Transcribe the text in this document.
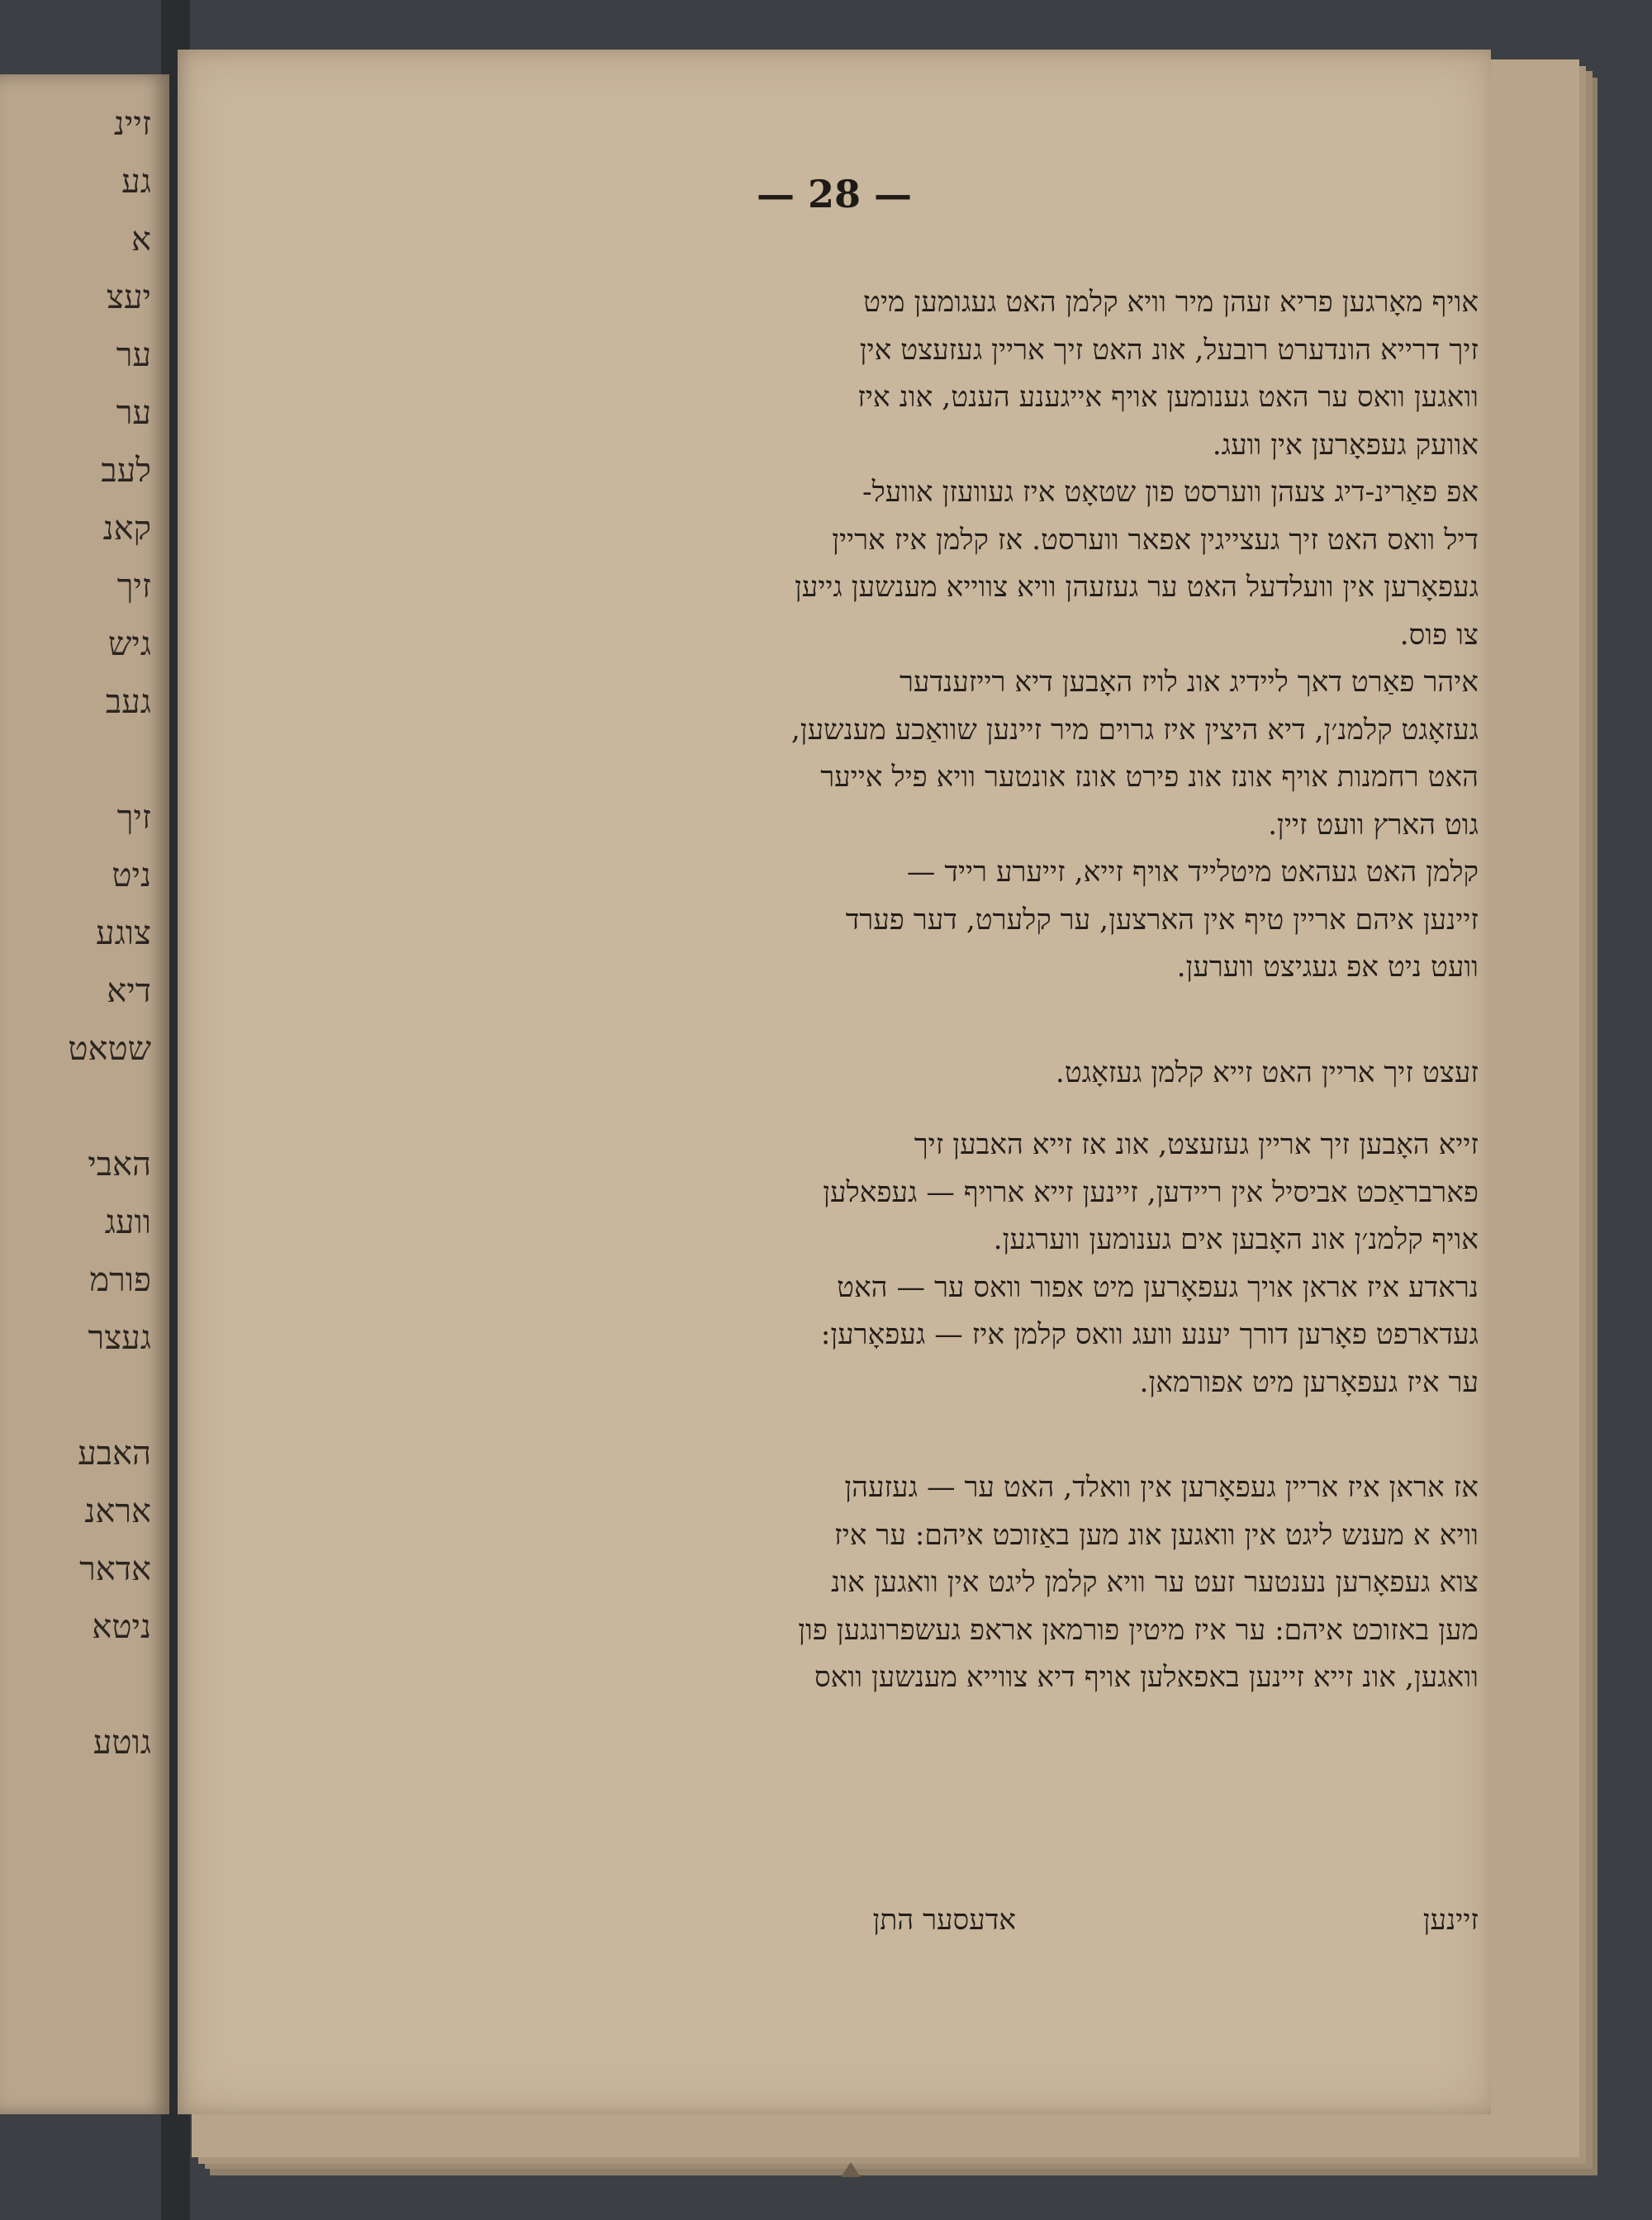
זיינ
גע
א
יעצ
ער
ער
לעב
קאנ
זיך
גיש
געב
זיך
ניט
צוגע
דיא
שטאט
האבי
וועג
פורמ
געצר
האבע
אראנ
אדאר
ניטא
גוטע
— 28 —
אויף מאָרגען פריא זעהן מיר וויא קלמן האט געגומען מיט
זיך דרייא הונדערט רובעל, אונ האט זיך אריין געזעצט אין
וואגען וואס ער האט גענומען אויף אייגענע הענט, אונ איז
אוועק געפאָרען אין וועג.
אפ פאַרינ-דיג צעהן ווערסט פון שטאָט איז געוועזן אוועל-
דיל וואס האט זיך געצייגין אפאר ווערסט. אז קלמן איז אריין
געפאָרען אין וועלדעל האט ער געזעהן וויא צווייא מענשען גייען
צו פוס.
איהר פאַרט דאך ליידיג אונ לויז האָבען דיא רייזענדער
געזאָגט קלמנ׳ן, דיא היצין איז גרוים מיר זיינען שוואַכע מענשען,
האט רחמנות אויף אונז אונ פירט אונז אונטער וויא פיל אייער
גוט הארץ וועט זיין.
קלמן האט געהאט מיטלייד אויף זייא, זייערע רייד —
זיינען איהם אריין טיף אין הארצען, ער קלערט, דער פערד
וועט ניט אפ געגיצט ווערען.
זעצט זיך אריין האט זייא קלמן געזאָגט.
זייא האָבען זיך אריין געזעצט, אונ אז זייא האבען זיך
פארבראַכט אביסיל אין ריידען, זיינען זייא ארויף — געפאלען
אויף קלמנ׳ן אונ האָבען אים גענומען ווערגען.
נראדע איז אראן אויך געפאָרען מיט אפור וואס ער — האט
געדארפט פאָרען דורך יענע וועג וואס קלמן איז — געפאָרען:
ער איז געפאָרען מיט אפורמאן.
אז אראן איז אריין געפאָרען אין וואלד, האט ער — געזעהן
וויא א מענש ליגט אין וואגען אונ מען באַזוכט איהם: ער איז
צוא געפאָרען נענטער זעט ער וויא קלמן ליגט אין וואגען אונ
מען באזוכט איהם: ער איז מיטין פורמאן אראפ געשפרונגען פון
וואגען, אונ זייא זיינען באפאלען אויף דיא צווייא מענשען וואס
זיינען
אדעסער התן
